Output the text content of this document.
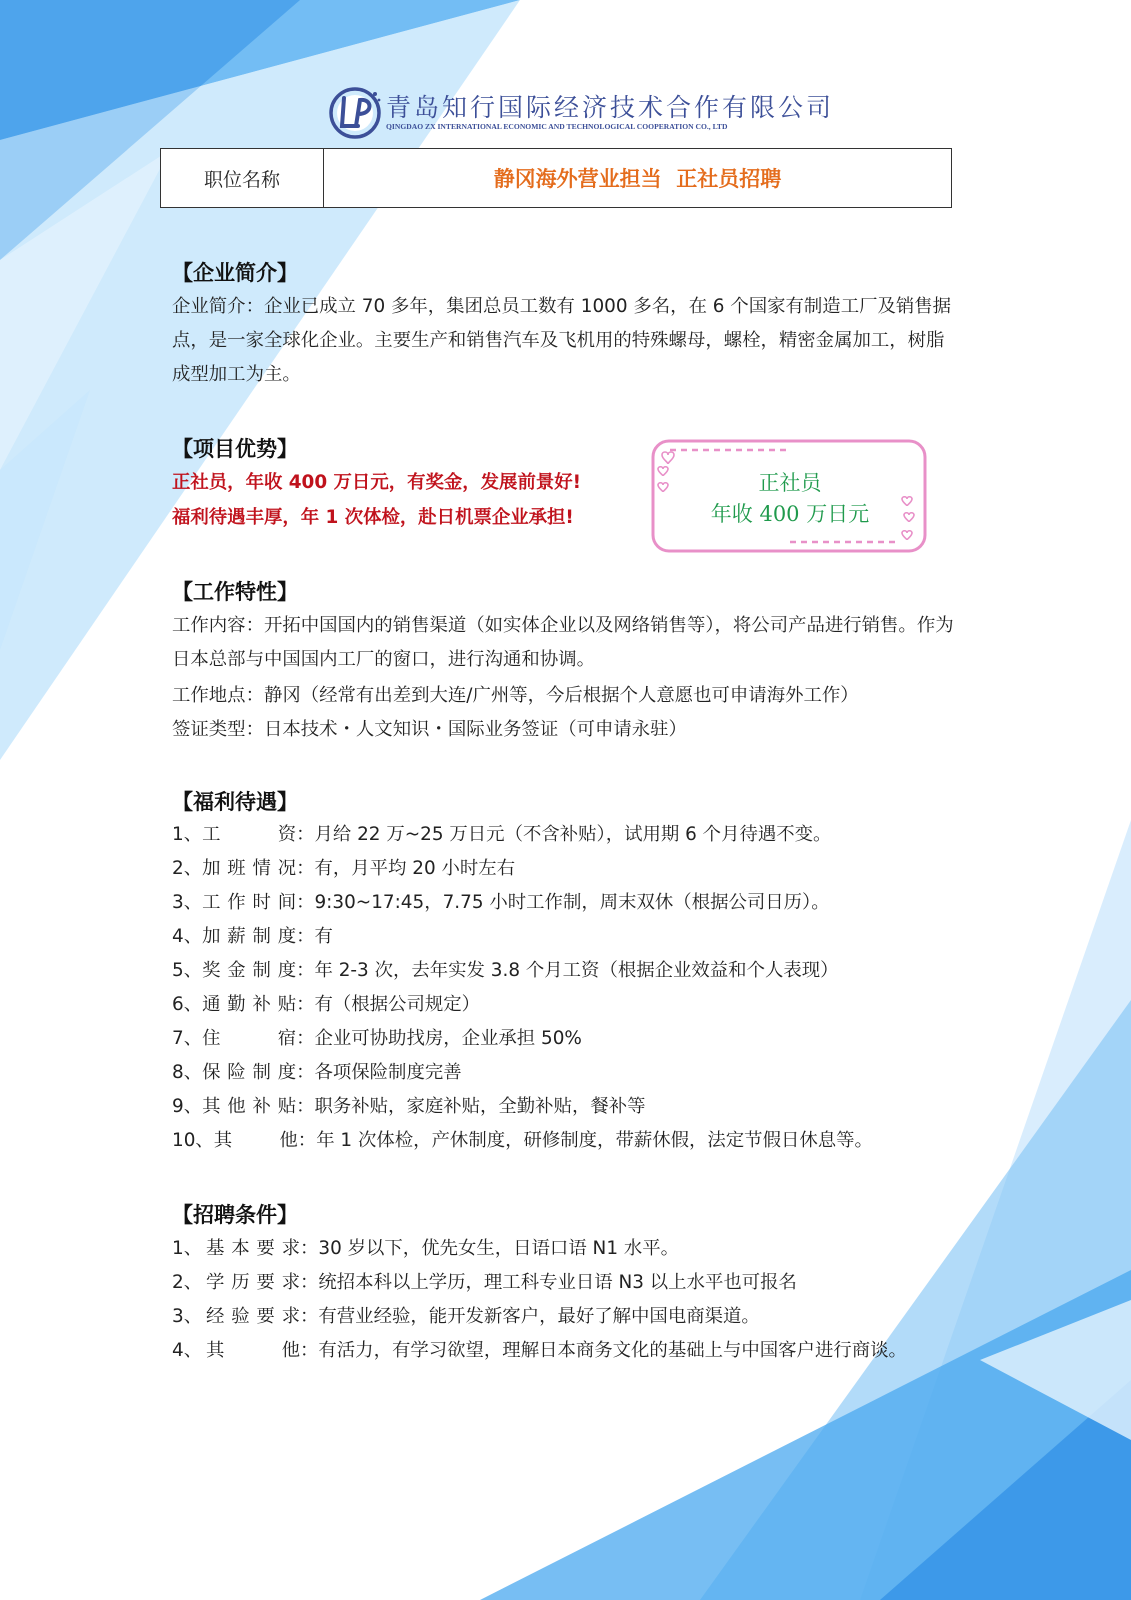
青岛知行国际经济技术合作有限公司
QINGDAO ZX INTERNATIONAL ECONOMIC AND TECHNOLOGICAL COOPERATION CO., LTD
职位名称	静冈海外营业担当  正社员招聘
【企业简介】
企业简介：企业已成立 70 多年，集团总员工数有 1000 多名，在 6 个国家有制造工厂及销售据点，是一家全球化企业。主要生产和销售汽车及飞机用的特殊螺母，螺栓，精密金属加工，树脂成型加工为主。
【项目优势】
正社员，年收 400 万日元，有奖金，发展前景好!
福利待遇丰厚，年 1 次体检，赴日机票企业承担!
正社员
年收 400 万日元
【工作特性】
工作内容：开拓中国国内的销售渠道（如实体企业以及网络销售等），将公司产品进行销售。作为日本总部与中国国内工厂的窗口，进行沟通和协调。
工作地点：静冈（经常有出差到大连/广州等，今后根据个人意愿也可申请海外工作）
签证类型：日本技术・人文知识・国际业务签证（可申请永驻）
【福利待遇】
1、工资：月给 22 万~25 万日元（不含补贴），试用期 6 个月待遇不变。
2、加班情况：有，月平均 20 小时左右
3、工作时间：9:30~17:45，7.75 小时工作制，周末双休（根据公司日历）。
4、加薪制度：有
5、奖金制度：年 2-3 次，去年实发 3.8 个月工资（根据企业效益和个人表现）
6、通勤补贴：有（根据公司规定）
7、住宿：企业可协助找房，企业承担 50%
8、保险制度：各项保险制度完善
9、其他补贴：职务补贴，家庭补贴，全勤补贴，餐补等
10、其他：年 1 次体检，产休制度，研修制度，带薪休假，法定节假日休息等。
【招聘条件】
1、 基本要求：30 岁以下，优先女生，日语口语 N1 水平。
2、 学历要求：统招本科以上学历，理工科专业日语 N3 以上水平也可报名
3、 经验要求：有营业经验，能开发新客户，最好了解中国电商渠道。
4、 其他：有活力，有学习欲望，理解日本商务文化的基础上与中国客户进行商谈。
